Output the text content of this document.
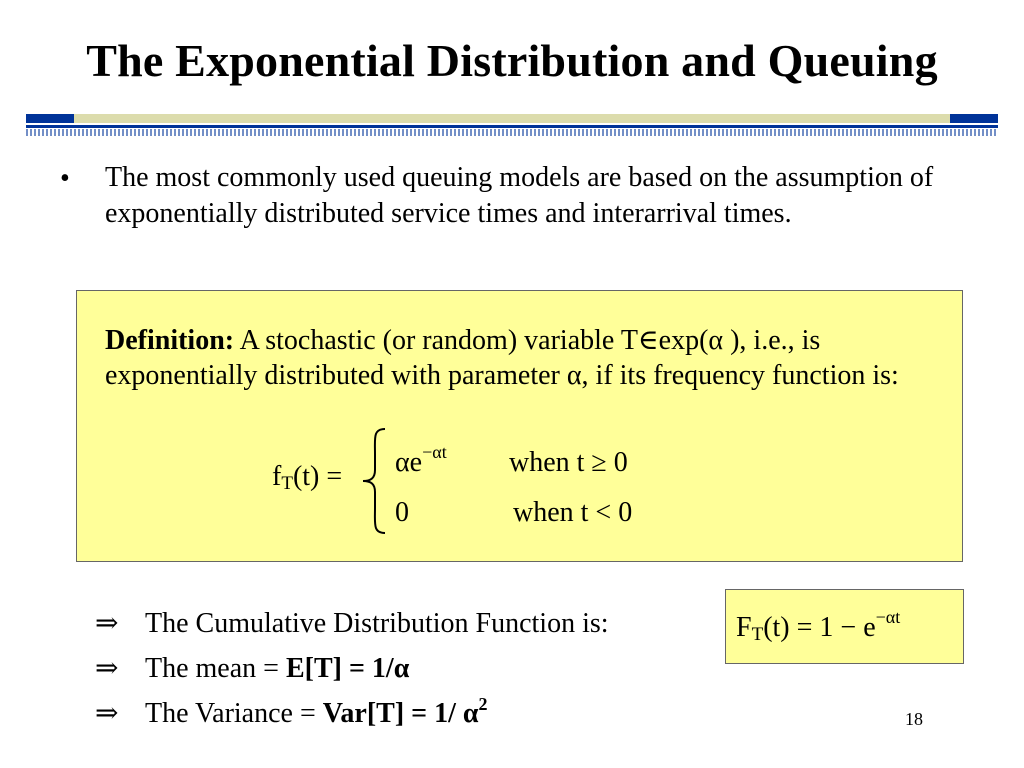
The Exponential Distribution and Queuing
• The most commonly used queuing models are based on the assumption of exponentially distributed service times and interarrival times.
Definition: A stochastic (or random) variable T∈exp(α ), i.e., is exponentially distributed with parameter α, if its frequency function is:
$f_T(t) = \alpha e^{-\alpha t}$ when t ≥ 0
0	when t < 0
⇒ The Cumulative Distribution Function is:
⇒ The mean = E[T] = 1/α
⇒ The Variance = Var[T] = 1/ $\alpha^2$
$F_T(t) = 1 - e^{-\alpha t}$
18
